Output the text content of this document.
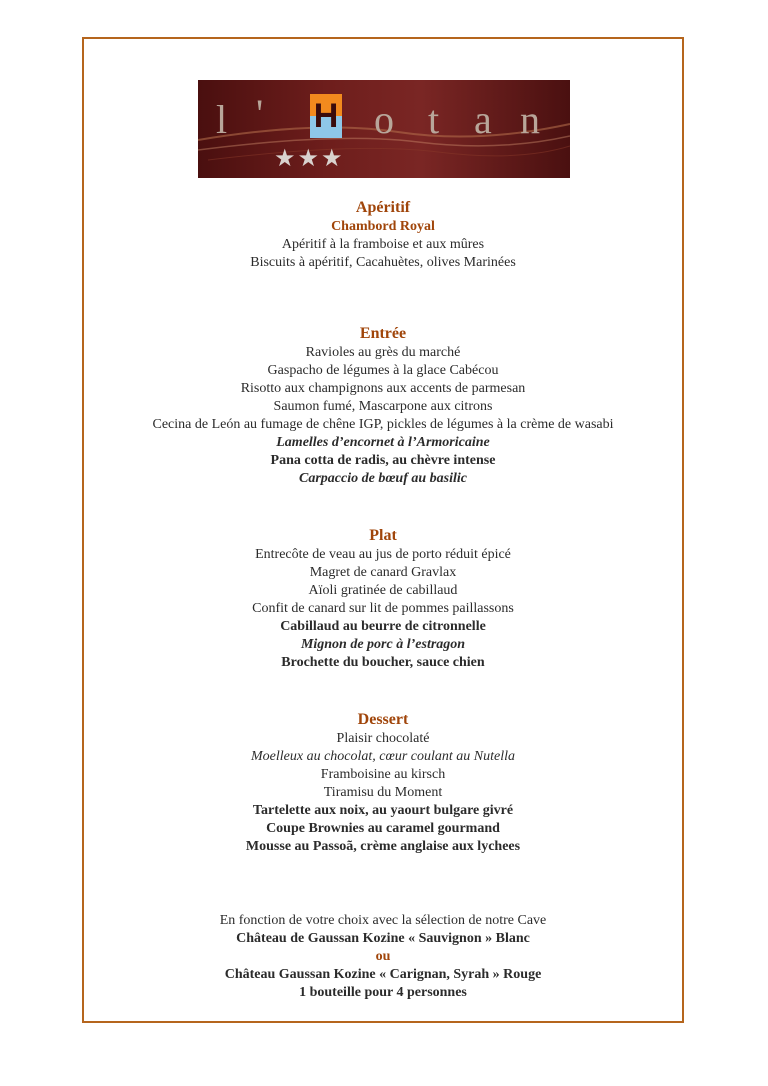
l '	o t a n
H
★★★
Apéritif
Chambord Royal
Apéritif à la framboise et aux mûres
Biscuits à apéritif, Cacahuètes, olives Marinées
Entrée
Ravioles au grès du marché
Gaspacho de légumes à la glace Cabécou
Risotto aux champignons aux accents de parmesan
Saumon fumé, Mascarpone aux citrons
Cecina de León au fumage de chêne IGP, pickles de légumes à la crème de wasabi
Lamelles d’encornet à l’Armoricaine
Pana cotta de radis, au chèvre intense
Carpaccio de bœuf au basilic
Plat
Entrecôte de veau au jus de porto réduit épicé
Magret de canard Gravlax
Aïoli gratinée de cabillaud
Confit de canard sur lit de pommes paillassons
Cabillaud au beurre de citronnelle
Mignon de porc à l’estragon
Brochette du boucher, sauce chien
Dessert
Plaisir chocolaté
Moelleux au chocolat, cœur coulant au Nutella
Framboisine au kirsch
Tiramisu du Moment
Tartelette aux noix, au yaourt bulgare givré
Coupe Brownies au caramel gourmand
Mousse au Passoã, crème anglaise aux lychees
En fonction de votre choix avec la sélection de notre Cave
Château de Gaussan Kozine « Sauvignon » Blanc
ou
Château Gaussan Kozine « Carignan, Syrah » Rouge
1 bouteille pour 4 personnes
